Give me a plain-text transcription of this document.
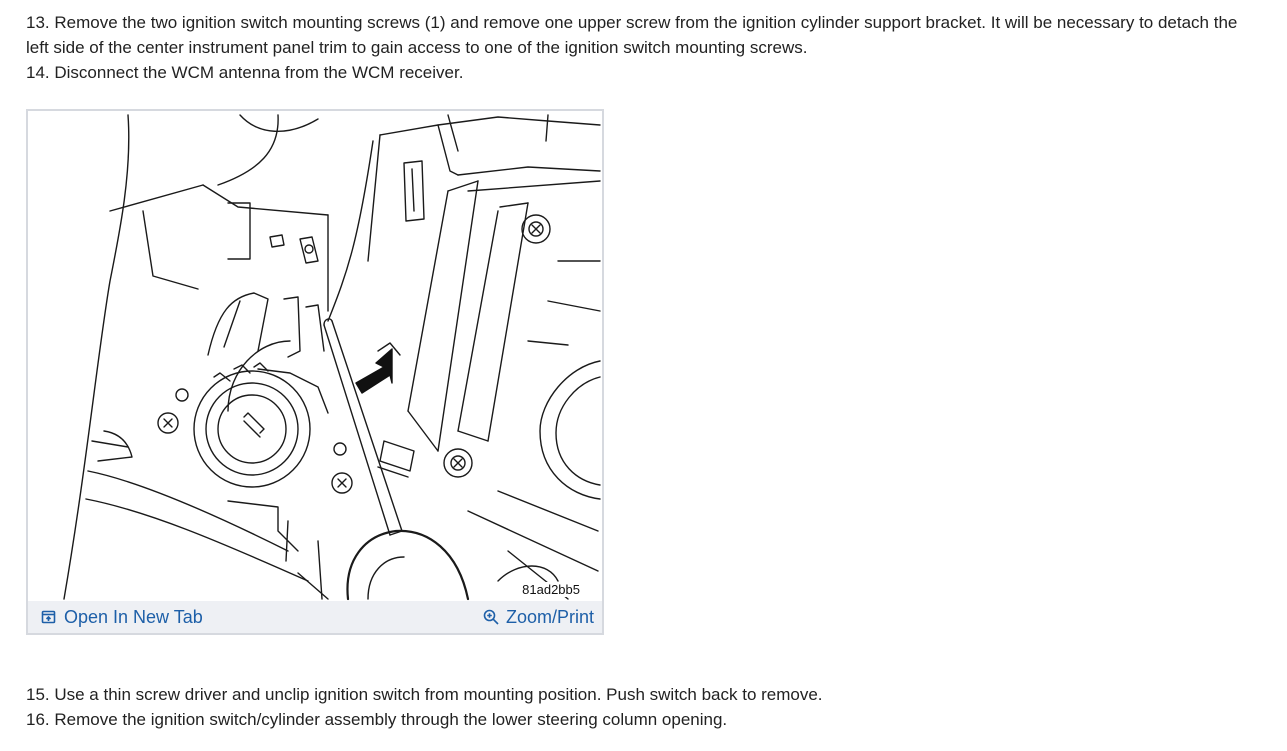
13. Remove the two ignition switch mounting screws (1) and remove one upper screw from the ignition cylinder support bracket. It will be necessary to detach the left side of the center instrument panel trim to gain access to one of the ignition switch mounting screws.

14. Disconnect the WCM antenna from the WCM receiver.

81ad2bb5
Open In New Tab	Zoom/Print

15. Use a thin screw driver and unclip ignition switch from mounting position. Push switch back to remove.

16. Remove the ignition switch/cylinder assembly through the lower steering column opening.
